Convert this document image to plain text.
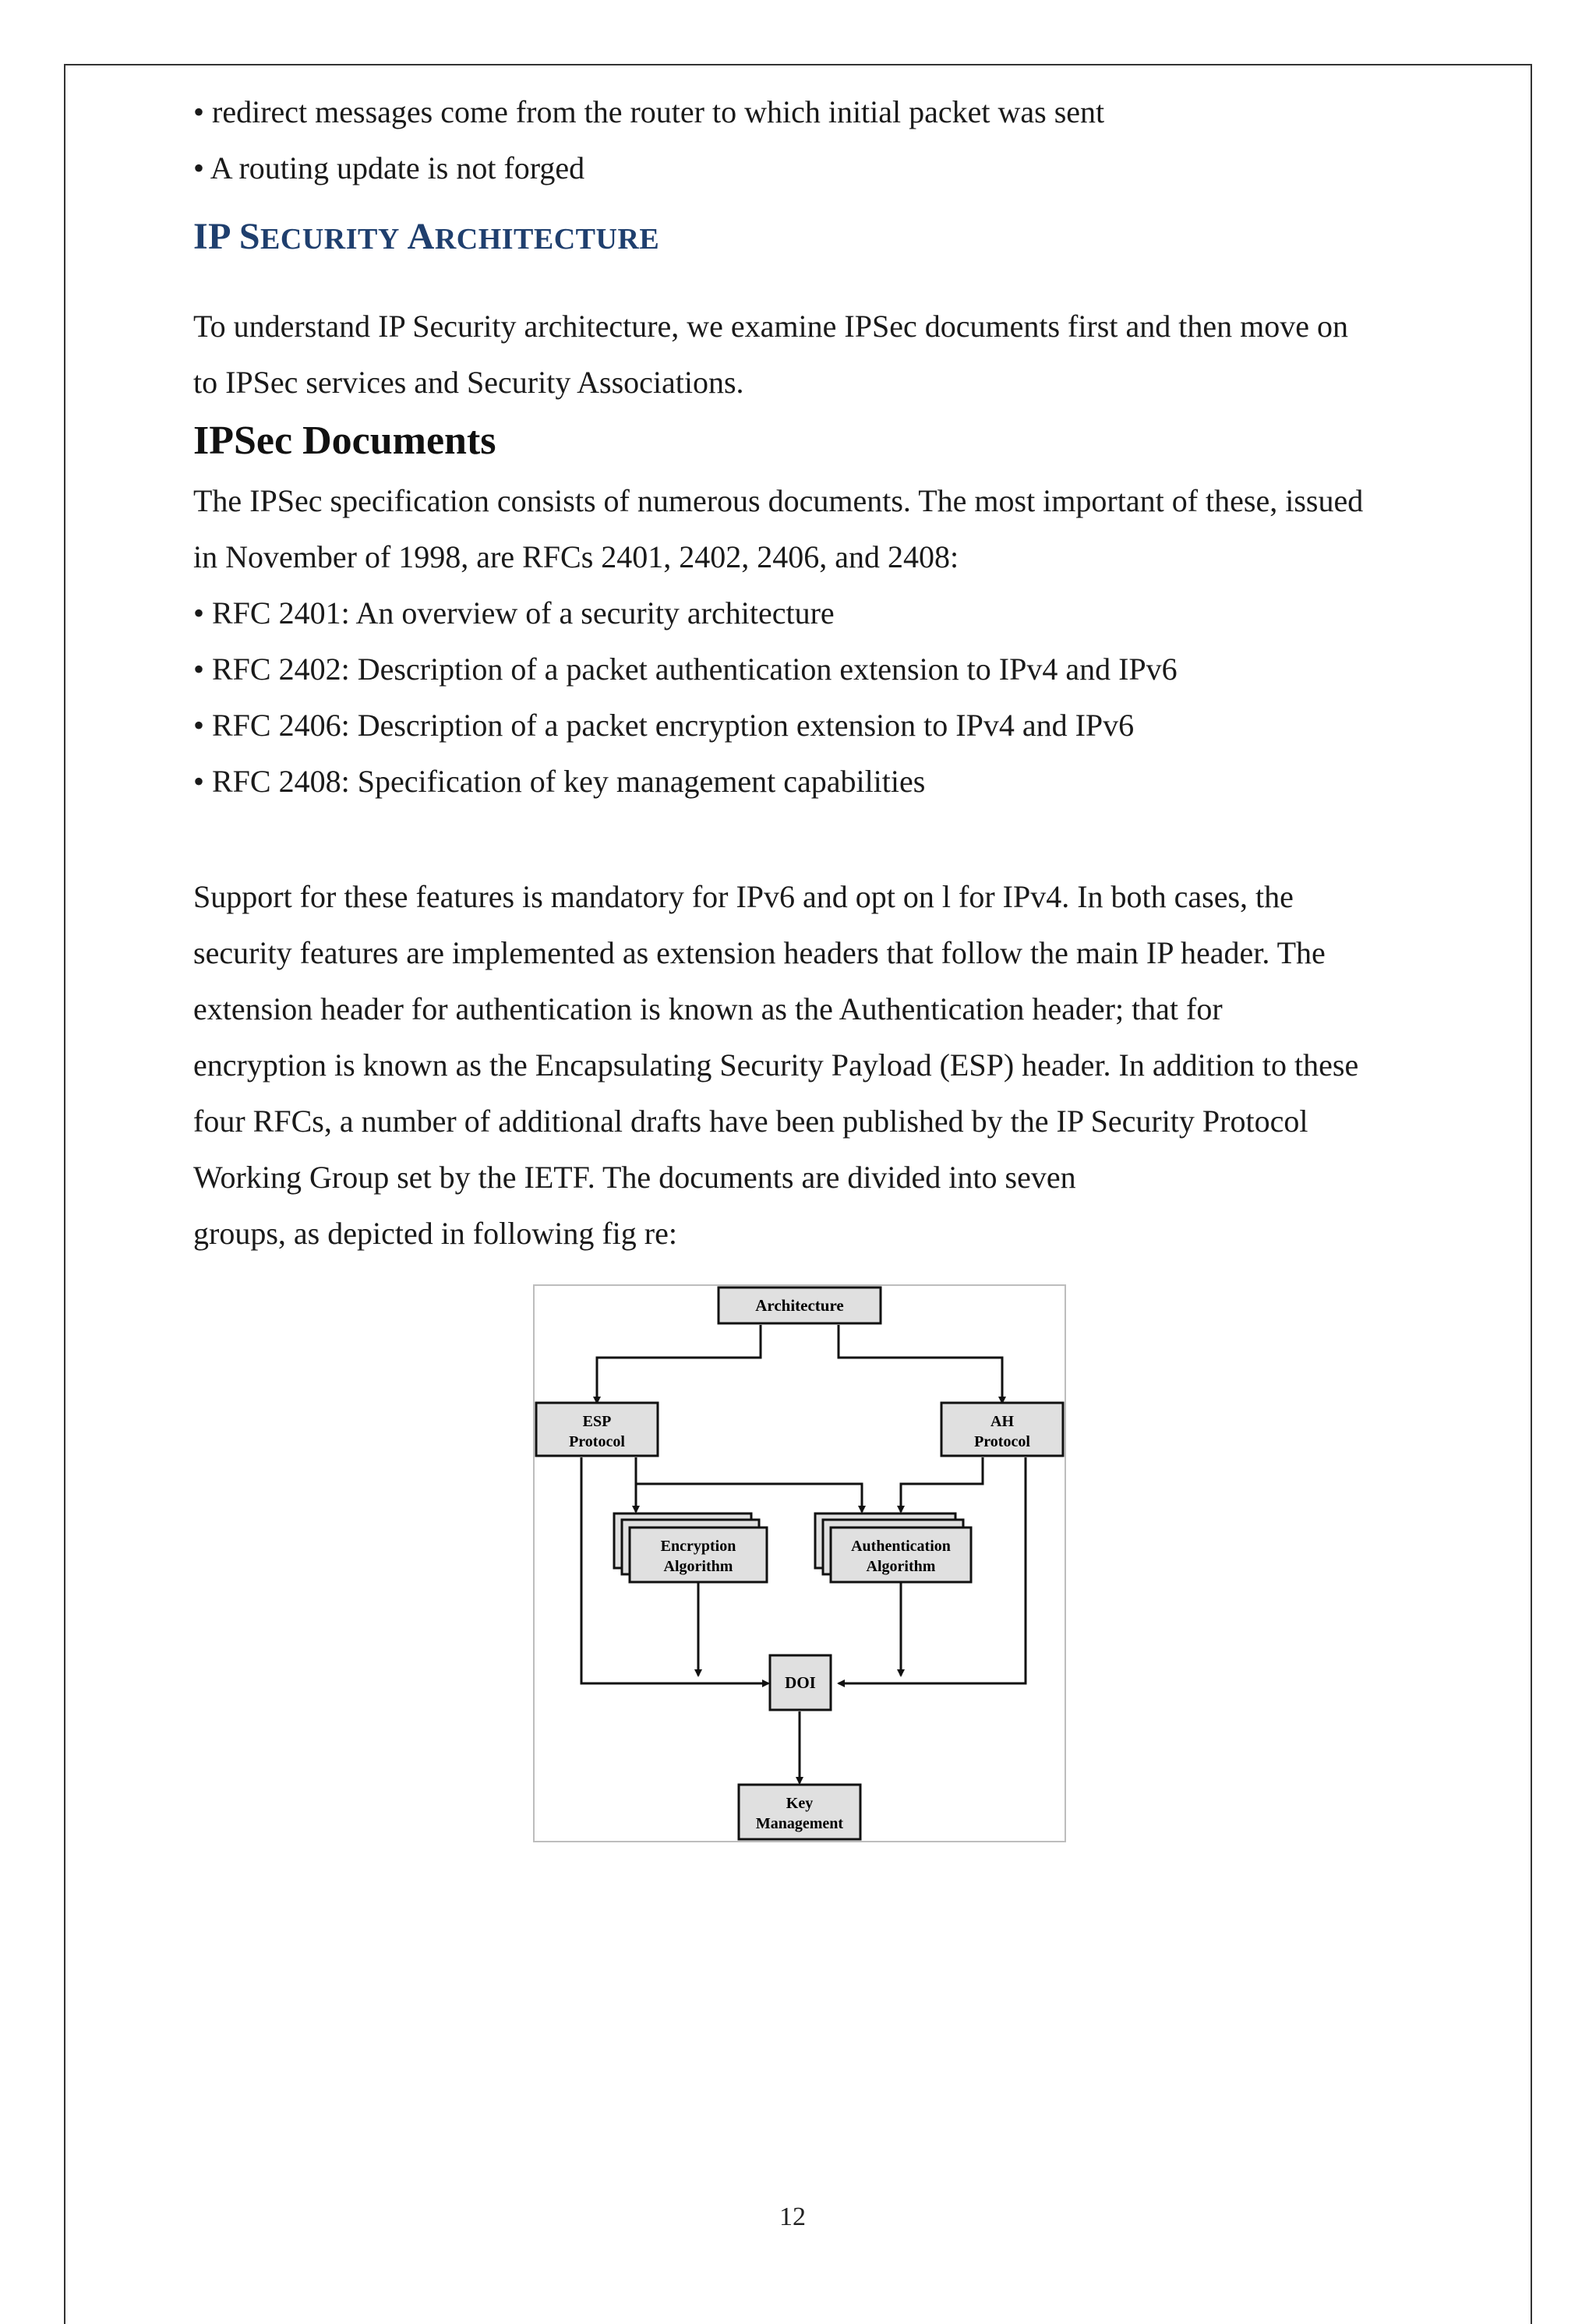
• redirect messages come from the router to which initial packet was sent

• A routing update is not forged

IP SECURITY ARCHITECTURE

To understand IP Security architecture, we examine IPSec documents first and then move on

to IPSec services and Security Associations.

IPSec Documents

The IPSec specification consists of numerous documents. The most important of these, issued

in November of 1998, are RFCs 2401, 2402, 2406, and 2408:

• RFC 2401: An overview of a security architecture

• RFC 2402: Description of a packet authentication extension to IPv4 and IPv6

• RFC 2406: Description of a packet encryption extension to IPv4 and IPv6

• RFC 2408: Specification of key management capabilities

Support for these features is mandatory for IPv6 and opt on l for IPv4. In both cases, the

security features are implemented as extension headers that follow the main IP header. The

extension header for authentication is known as the Authentication header; that for

encryption is known as the Encapsulating Security Payload (ESP) header. In addition to these

four RFCs, a number of additional drafts have been published by the IP Security Protocol

Working Group set by the IETF. The documents are divided into seven

groups, as depicted in following fig re:

Architecture
ESP
Protocol
AH
Protocol
Encryption
Algorithm
Authentication
Algorithm
DOI
Key
Management
12
